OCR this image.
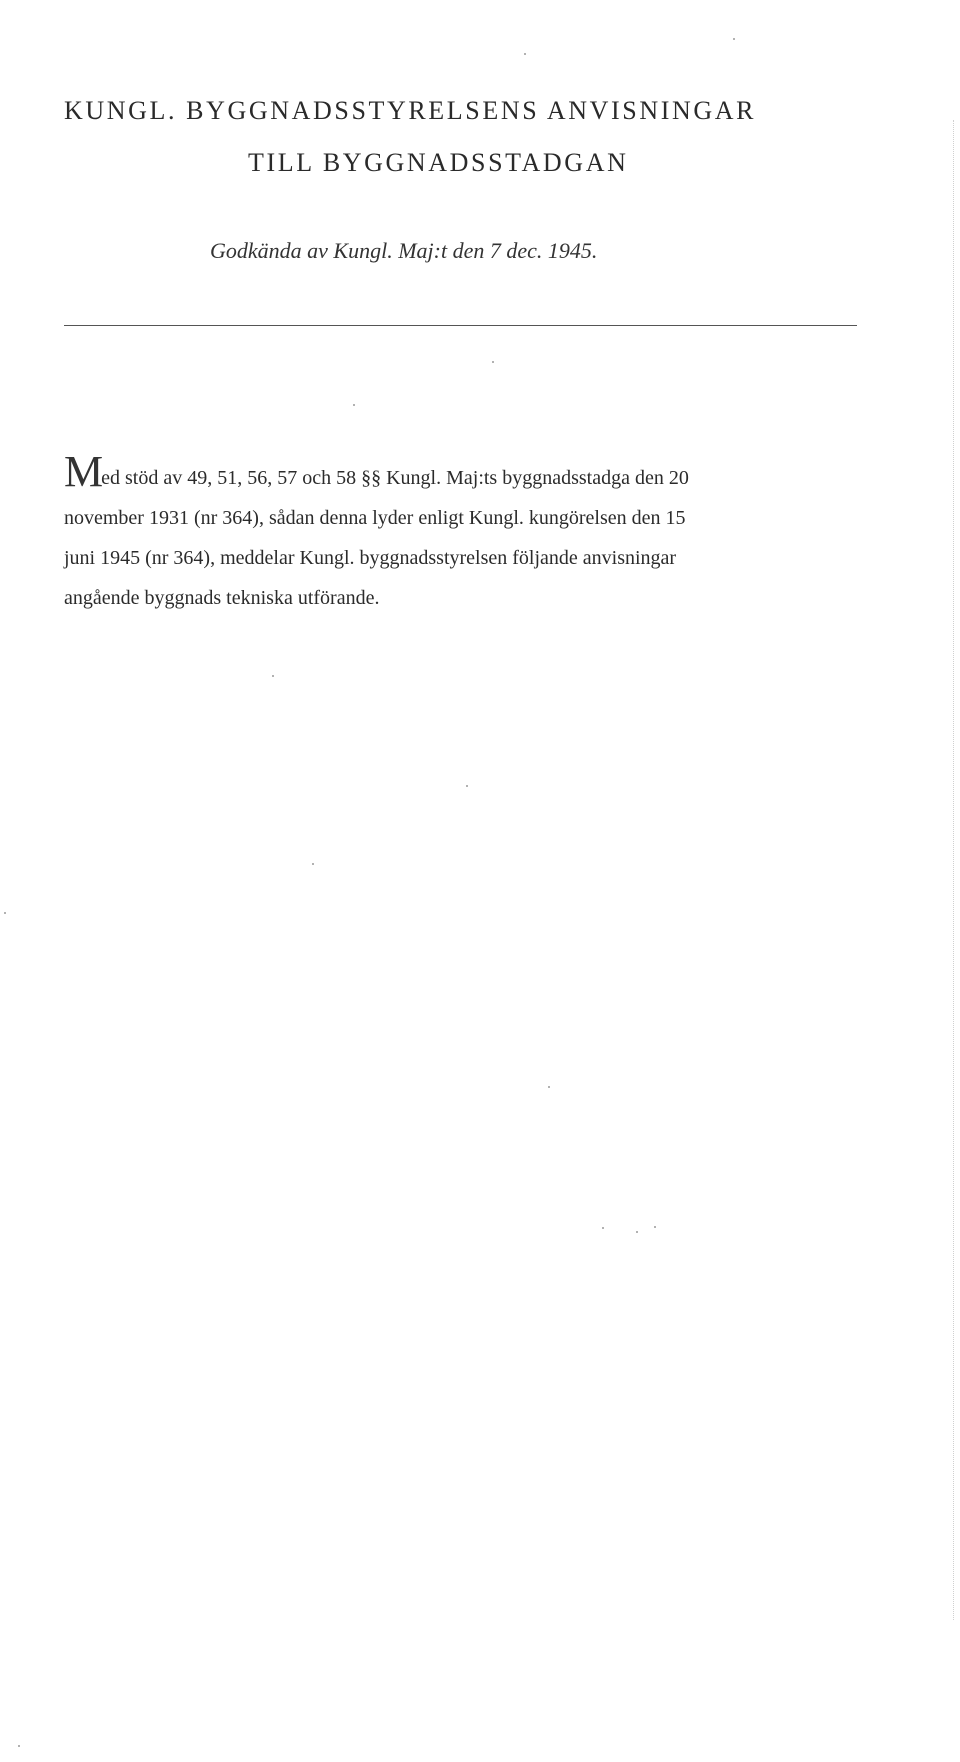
KUNGL. BYGGNADSSTYRELSENS ANVISNINGAR
TILL BYGGNADSSTADGAN
Godkända av Kungl. Maj:t den 7 dec. 1945.
Med stöd av 49, 51, 56, 57 och 58 §§ Kungl. Maj:ts byggnadsstadga den 20
november 1931 (nr 364), sådan denna lyder enligt Kungl. kungörelsen den 15
juni 1945 (nr 364), meddelar Kungl. byggnadsstyrelsen följande anvisningar
angående byggnads tekniska utförande.
